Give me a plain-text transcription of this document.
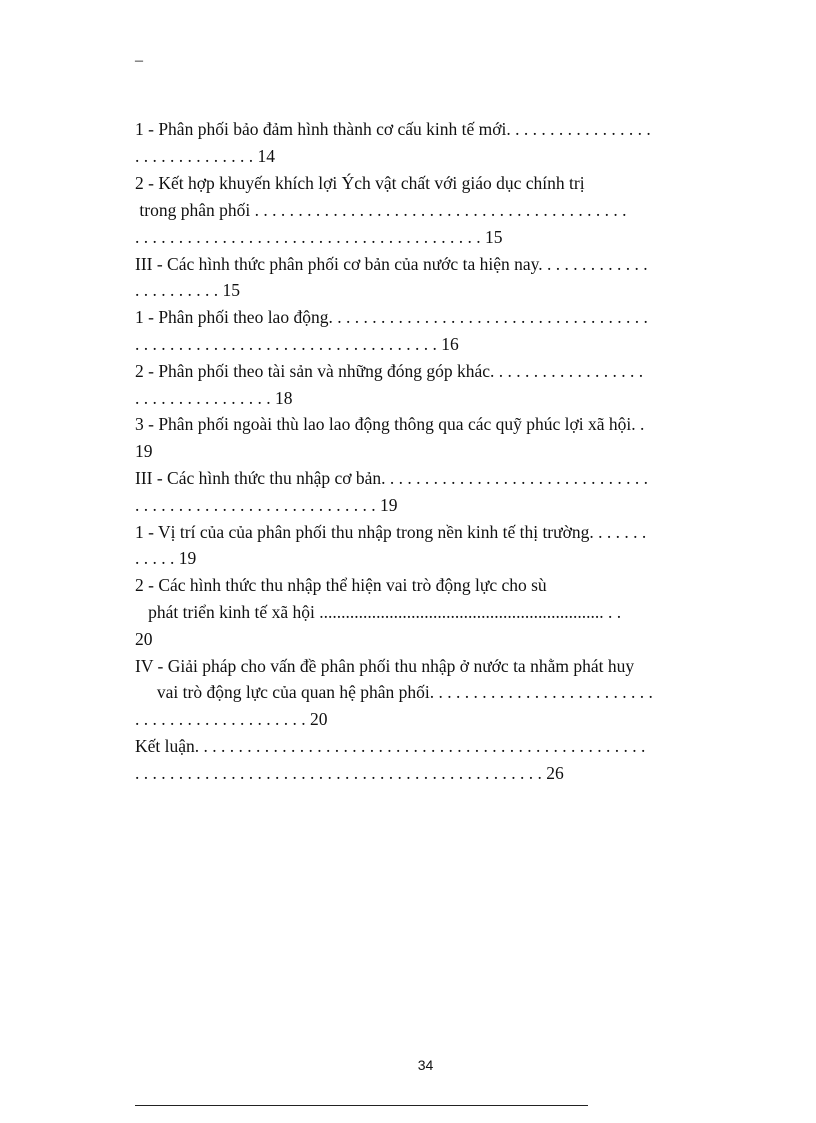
–
1 - Phân phối bảo đảm hình thành cơ cấu kinh tế mới. . . . . . . . . . . . . . . . .
. . . . . . . . . . . . . . 14
2 - Kết hợp khuyến khích lợi Ých vật chất với giáo dục chính trị
trong phân phối . . . . . . . . . . . . . . . . . . . . . . . . . . . . . . . . . . . . . . . . . . .
. . . . . . . . . . . . . . . . . . . . . . . . . . . . . . . . . . . . . . . . 15
III - Các hình thức phân phối cơ bản của nước ta hiện nay. . . . . . . . . . . . .
. . . . . . . . . . 15
1 - Phân phối theo lao động. . . . . . . . . . . . . . . . . . . . . . . . . . . . . . . . . . . . .
. . . . . . . . . . . . . . . . . . . . . . . . . . . . . . . . . . . 16
2 - Phân phối theo tài sản và những đóng góp khác. . . . . . . . . . . . . . . . . .
. . . . . . . . . . . . . . . . 18
3 - Phân phối ngoài thù lao lao động thông qua các quỹ phúc lợi xã hội. .
19
III - Các hình thức thu nhập cơ bản. . . . . . . . . . . . . . . . . . . . . . . . . . . . . . .
. . . . . . . . . . . . . . . . . . . . . . . . . . . . 19
1 - Vị trí của của phân phối thu nhập trong nền kinh tế thị trường. . . . . . .
. . . . . 19
2 - Các hình thức thu nhập thể hiện vai trò động lực cho sù
phát triển kinh tế xã hội ................................................................. . .
20
IV - Giải pháp cho vấn đề phân phối thu nhập ở nước ta nhằm phát huy
vai trò động lực của quan hệ phân phối. . . . . . . . . . . . . . . . . . . . . . . . . .
. . . . . . . . . . . . . . . . . . . . 20
Kết luận. . . . . . . . . . . . . . . . . . . . . . . . . . . . . . . . . . . . . . . . . . . . . . . . . . . .
. . . . . . . . . . . . . . . . . . . . . . . . . . . . . . . . . . . . . . . . . . . . . . . 26
34
